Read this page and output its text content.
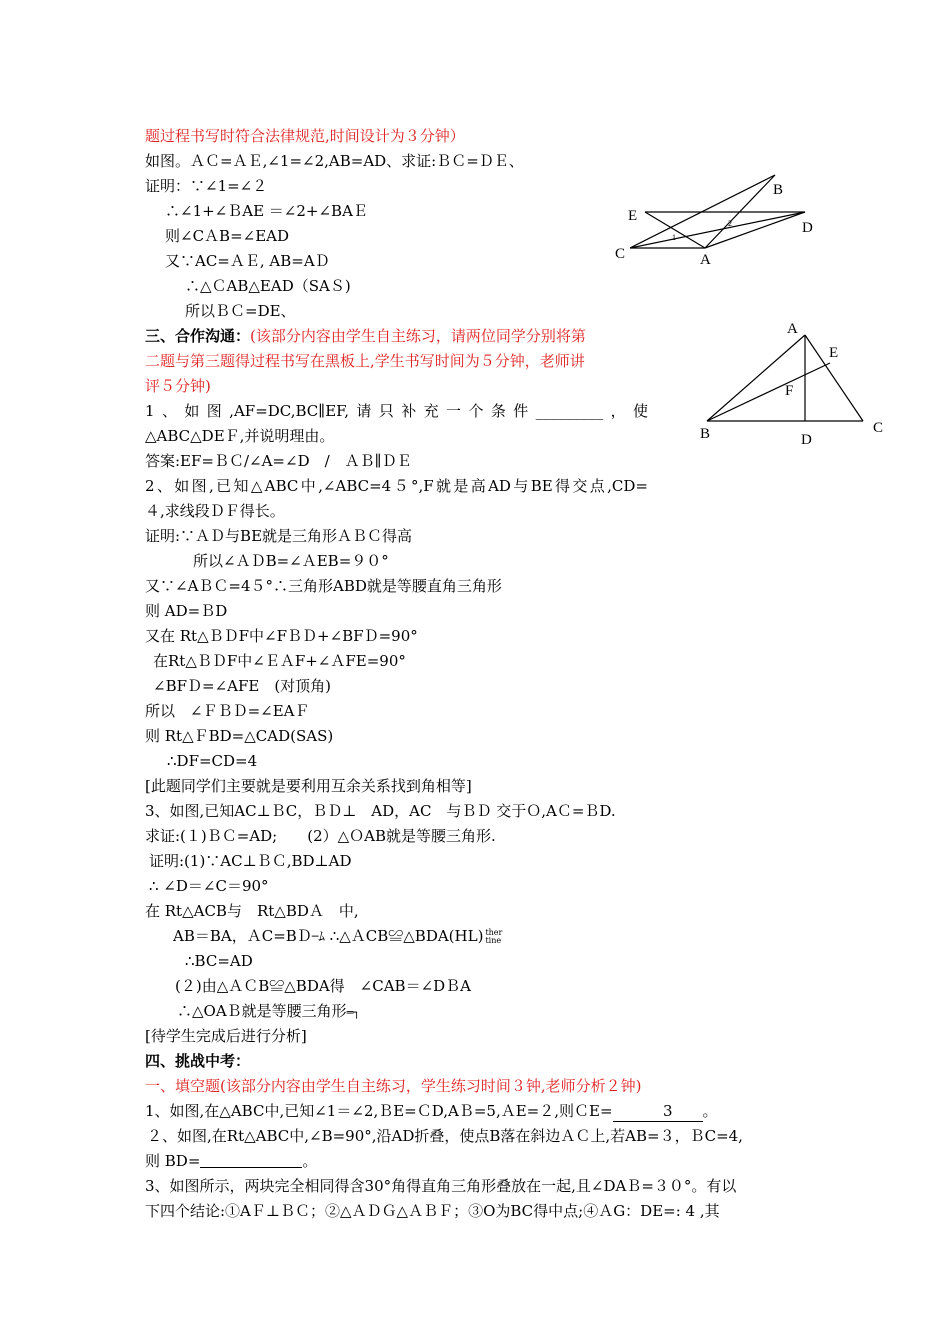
题过程书写时符合法律规范,时间设计为３分钟）
如图。ＡＣ=ＡＥ,∠1=∠2,AB=AD、求证:ＢＣ=ＤＥ、
证明：∵∠1=∠２
∴∠1+∠ＢAE ＝∠2+∠BAＥ
则∠CＡB=∠EAD
又∵AC=ＡＥ, AB=AＤ
∴△ＣAB△EAD（SAＳ)
所以ＢＣ=DE、
三、合作沟通：(该部分内容由学生自主练习，请两位同学分别将第
二题与第三题得过程书写在黑板上,学生书写时间为５分钟，老师讲
评５分钟)
1、如图,AF=DC,BC∥EF,请只补充一个条件_________，使
△ABC△DEＦ,并说明理由。
答案:EF=ＢＣ/∠A=∠D　/　ＡＢ∥ＤＥ
2、如图,已知△ABC中,∠ABC=4５°,F就是高AD与BE得交点,CD=
４,求线段ＤＦ得长。
证明:∵ＡＤ与BE就是三角形ＡＢＣ得高
所以∠ＡＤB=∠ＡEB=９０°
又∵∠AＢＣ=4５°∴三角形ABD就是等腰直角三角形
则 AD=ＢD
又在 Rt△ＢＤF中∠FＢＤ+∠BFＤ=90°
在Rt△ＢＤF中∠ＥＡF+∠ＡFE=90°
∠BFＤ=∠AFE　(对顶角)
所以　∠ＦＢＤ=∠EAＦ
则 Rt△ＦBD=△CAD(SAS)
∴DF=CD=4
[此题同学们主要就是要利用互余关系找到角相等]
3、如图,已知AC⊥ＢC，ＢＤ⊥　AD，AC　与ＢＤ 交于Ｏ,AＣ=ＢD.
求证:(１)ＢＣ=AD;　　(2）△ＯAB就是等腰三角形.
证明:(1)∵AC⊥ＢＣ,BD⊥AD
∴ ∠D＝∠C＝90°
在 Rt△ACB与　Rt△BDＡ　中,
AB＝BA，ＡC=BＤ─ﾑ ∴△ＡCB≌△BDA(HL) ther
tine
∴BC=AD
(２)由△ＡＣB≌△BDA得　∠CAB＝∠DＢA
∴△OAＢ就是等腰三角形═┐
[待学生完成后进行分析]
四、挑战中考：
一、填空题(该部分内容由学生自主练习，学生练习时间３钟,老师分析２钟)
1、如图,在△ABC中,已知∠1＝∠2,ＢE=ＣD,AＢ=5,ＡE=２,则ＣE=	3 。
２、如图,在Rt△ABC中,∠B=90°,沿AD折叠，使点B落在斜边ＡＣ上,若AB=３，ＢC=4,
则 BD=	。
3、如图所示，两块完全相同得含30°角得直角三角形叠放在一起,且∠DAＢ=３０°。有以
下四个结论:①AＦ⊥ＢＣ；②△ＡＤＧ△ＡＢＦ；③O为BC得中点;④ＡG：DE=: 4 ,其
B
E
D
C	A
1
2
A
E
F
B	D
C
